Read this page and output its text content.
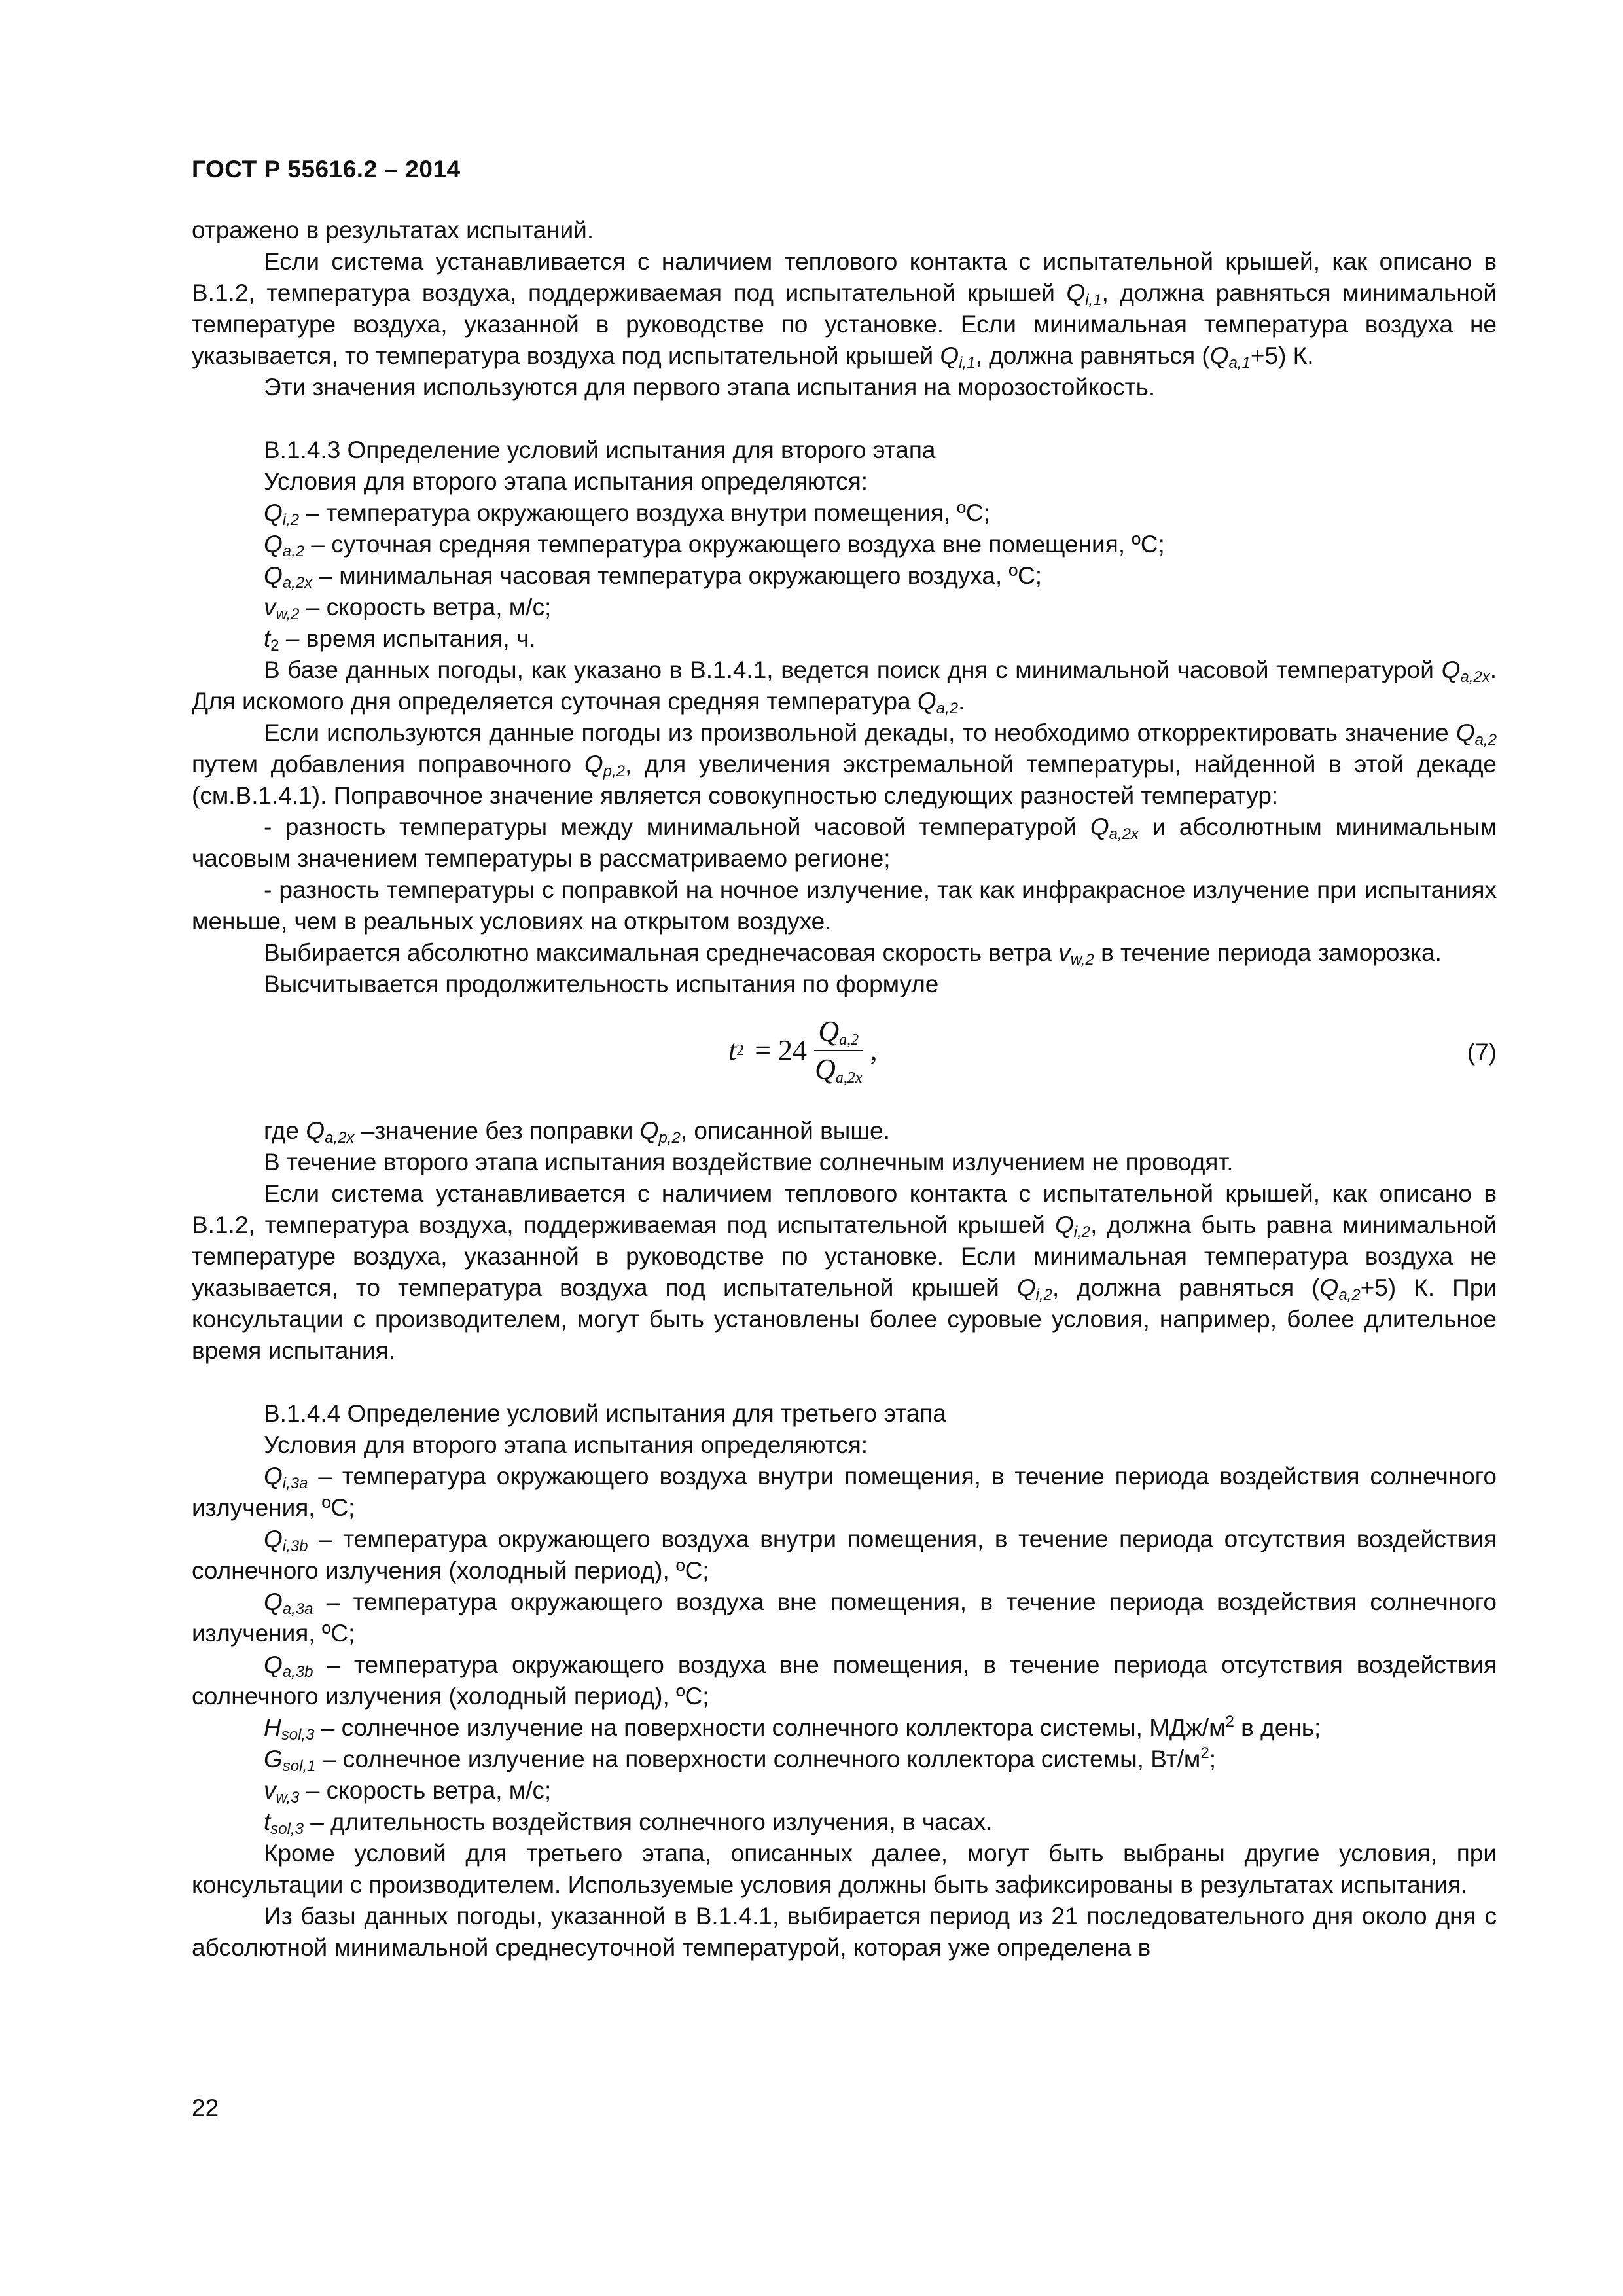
ГОСТ Р 55616.2 – 2014

отражено в результатах испытаний.

Если система устанавливается с наличием теплового контакта с испытательной крышей, как описано в В.1.2, температура воздуха, поддерживаемая под испытательной крышей $Q_{i,1}$, должна равняться минимальной температуре воздуха, указанной в руководстве по установке. Если минимальная температура воздуха не указывается, то температура воздуха под испытательной крышей $Q_{i,1}$, должна равняться $(Q_{a,1}+5)$ К.

Эти значения используются для первого этапа испытания на морозостойкость.

В.1.4.3 Определение условий испытания для второго этапа

Условия для второго этапа испытания определяются:

$Q_{i,2}$ – температура окружающего воздуха внутри помещения, ºС;

$Q_{a,2}$ – суточная средняя температура окружающего воздуха вне помещения, ºС;

$Q_{a,2x}$ – минимальная часовая температура окружающего воздуха, ºС;

$v_{w,2}$ – скорость ветра, м/с;

$t_2$ – время испытания, ч.

В базе данных погоды, как указано в В.1.4.1, ведется поиск дня с минимальной часовой температурой $Q_{a,2x}$. Для искомого дня определяется суточная средняя температура $Q_{a,2}$.

Если используются данные погоды из произвольной декады, то необходимо откорректировать значение $Q_{a,2}$ путем добавления поправочного $Q_{p,2}$, для увеличения экстремальной температуры, найденной в этой декаде (см.В.1.4.1). Поправочное значение является совокупностью следующих разностей температур:

- разность температуры между минимальной часовой температурой $Q_{a,2x}$ и абсолютным минимальным часовым значением температуры в рассматриваемо регионе;

- разность температуры с поправкой на ночное излучение, так как инфракрасное излучение при испытаниях меньше, чем в реальных условиях на открытом воздухе.

Выбирается абсолютно максимальная среднечасовая скорость ветра $v_{w,2}$ в течение периода заморозка.

Высчитывается продолжительность испытания по формуле

t $2 = 24 \frac{Q_{a,2}}{Q_{a,2x}}$ ,	(7)

где $Q_{a,2x}$ –значение без поправки $Q_{p,2}$, описанной выше.

В течение второго этапа испытания воздействие солнечным излучением не проводят.

Если система устанавливается с наличием теплового контакта с испытательной крышей, как описано в В.1.2, температура воздуха, поддерживаемая под испытательной крышей $Q_{i,2}$, должна быть равна минимальной температуре воздуха, указанной в руководстве по установке. Если минимальная температура воздуха не указывается, то температура воздуха под испытательной крышей $Q_{i,2}$, должна равняться $(Q_{a,2}+5)$ К. При консультации с производителем, могут быть установлены более суровые условия, например, более длительное время испытания.

В.1.4.4 Определение условий испытания для третьего этапа

Условия для второго этапа испытания определяются:

$Q_{i,3a}$ – температура окружающего воздуха внутри помещения, в течение периода воздействия солнечного излучения, ºС;

$Q_{i,3b}$ – температура окружающего воздуха внутри помещения, в течение периода отсутствия воздействия солнечного излучения (холодный период), ºС;

$Q_{a,3a}$ – температура окружающего воздуха вне помещения, в течение периода воздействия солнечного излучения, ºС;

$Q_{a,3b}$ – температура окружающего воздуха вне помещения, в течение периода отсутствия воздействия солнечного излучения (холодный период), ºС;

$H_{sol,3}$ – солнечное излучение на поверхности солнечного коллектора системы, МДж/$м^2$ в день;

$G_{sol,1}$ – солнечное излучение на поверхности солнечного коллектора системы, $Вт/м^2$;

$v_{w,3}$ – скорость ветра, м/с;

$t_{sol,3}$ – длительность воздействия солнечного излучения, в часах.

Кроме условий для третьего этапа, описанных далее, могут быть выбраны другие условия, при консультации с производителем. Используемые условия должны быть зафиксированы в результатах испытания.

Из базы данных погоды, указанной в В.1.4.1, выбирается период из 21 последовательного дня около дня с абсолютной минимальной среднесуточной температурой, которая уже определена в

22
